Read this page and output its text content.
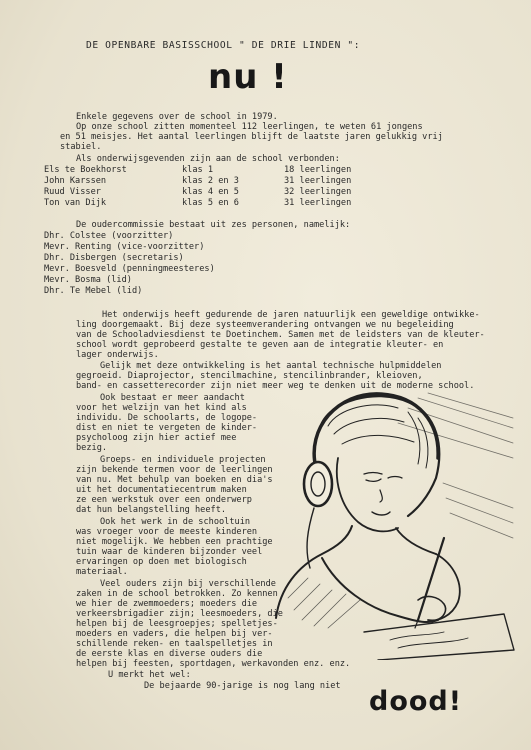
DE OPENBARE BASISSCHOOL " DE DRIE LINDEN ":
nu !
Enkele gegevens over de school in 1979.
Op onze school zitten momenteel 112 leerlingen, te weten 61 jongens
en 51 meisjes. Het aantal leerlingen blijft de laatste jaren gelukkig vrij
stabiel.
Als onderwijsgevenden zijn aan de school verbonden:
Els te Boekhorst	klas 1	18 leerlingen
John Karssen	klas 2 en 3	31 leerlingen
Ruud Visser	klas 4 en 5	32 leerlingen
Ton van Dijk	klas 5 en 6	31 leerlingen
De oudercommissie bestaat uit zes personen, namelijk:
Dhr. Colstee (voorzitter)
Mevr. Renting (vice-voorzitter)
Dhr. Disbergen (secretaris)
Mevr. Boesveld (penningmeesteres)
Mevr. Bosma (lid)
Dhr. Te Mebel (lid)
Het onderwijs heeft gedurende de jaren natuurlijk een geweldige ontwikke-
ling doorgemaakt. Bij deze systeemverandering ontvangen we nu begeleiding
van de Schooladviesdienst te Doetinchem. Samen met de leidsters van de kleuter-
school wordt geprobeerd gestalte te geven aan de integratie kleuter- en
lager onderwijs.
Gelijk met deze ontwikkeling is het aantal technische hulpmiddelen
gegroeid. Diaprojector, stencilmachine, stencilinbrander, kleioven,
band- en cassetterecorder zijn niet meer weg te denken uit de moderne school.
Ook bestaat er meer aandacht
voor het welzijn van het kind als
individu. De schoolarts, de logope-
dist en niet te vergeten de kinder-
psycholoog zijn hier actief mee
bezig.
Groeps- en individuele projecten
zijn bekende termen voor de leerlingen
van nu. Met behulp van boeken en dia's
uit het documentatiecentrum maken
ze een werkstuk over een onderwerp
dat hun belangstelling heeft.
Ook het werk in de schooltuin
was vroeger voor de meeste kinderen
niet mogelijk. We hebben een prachtige
tuin waar de kinderen bijzonder veel
ervaringen op doen met biologisch
materiaal.
Veel ouders zijn bij verschillende
zaken in de school betrokken. Zo kennen
we hier de zwemmoeders; moeders die
verkeersbrigadier zijn; leesmoeders, die
helpen bij de leesgroepjes; spelletjes-
moeders en vaders, die helpen bij ver-
schillende reken- en taalspelletjes in
de eerste klas en diverse ouders die
helpen bij feesten, sportdagen, werkavonden enz. enz.
U merkt het wel:
De bejaarde 90-jarige is nog lang niet dood!
